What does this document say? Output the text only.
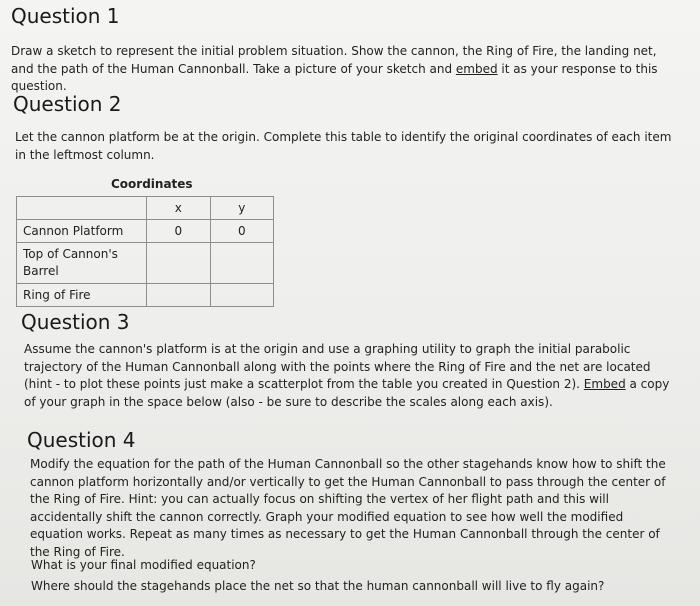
Question 1

Draw a sketch to represent the initial problem situation. Show the cannon, the Ring of Fire, the landing net, and the path of the Human Cannonball. Take a picture of your sketch and embed it as your response to this question.

Question 2

Let the cannon platform be at the origin. Complete this table to identify the original coordinates of each item in the leftmost column.

Coordinates
	x	y
Cannon Platform	0	0
Top of Cannon's Barrel		
Ring of Fire		
Question 3

Assume the cannon's platform is at the origin and use a graphing utility to graph the initial parabolic trajectory of the Human Cannonball along with the points where the Ring of Fire and the net are located (hint - to plot these points just make a scatterplot from the table you created in Question 2). Embed a copy of your graph in the space below (also - be sure to describe the scales along each axis).

Question 4

Modify the equation for the path of the Human Cannonball so the other stagehands know how to shift the cannon platform horizontally and/or vertically to get the Human Cannonball to pass through the center of the Ring of Fire. Hint: you can actually focus on shifting the vertex of her flight path and this will accidentally shift the cannon correctly. Graph your modified equation to see how well the modified equation works. Repeat as many times as necessary to get the Human Cannonball through the center of the Ring of Fire.

What is your final modified equation?

Where should the stagehands place the net so that the human cannonball will live to fly again?
